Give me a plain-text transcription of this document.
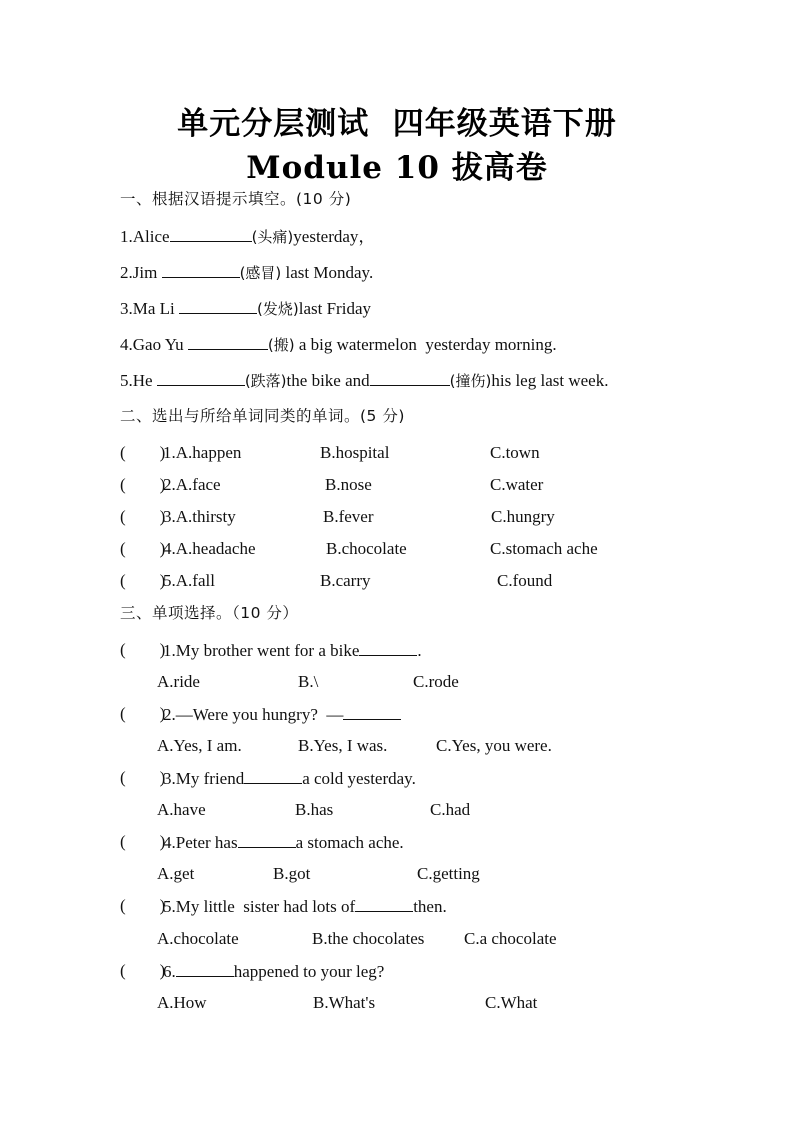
单元分层测试  四年级英语下册
Module 10 拔高卷
一、根据汉语提示填空。(10 分)
1.Alice	(头痛)yesterday，
2.Jim	(感冒) last Monday.
3.Ma Li	(发烧)last Friday
4.Gao Yu	(搬) a big watermelon  yesterday morning.
5.He	(跌落)the bike and	(撞伤)his leg last week.
二、选出与所给单词同类的单词。(5 分)
(        )
1.A.happen	B.hospital	C.town
(        )
2.A.face	B.nose	C.water
(        )
3.A.thirsty	B.fever	C.hungry
(        )
4.A.headache	B.chocolate	C.stomach ache
(        )
5.A.fall	B.carry	C.found
三、单项选择。（10 分）
(        )
1.My brother went for a bike	.
A.ride	B.\	C.rode
(        )
2.—Were you hungry?  —
A.Yes, I am.	B.Yes, I was.	C.Yes, you were.
(        )
3.My friend	a cold yesterday.
A.have	B.has	C.had
(        )
4.Peter has	a stomach ache.
A.get	B.got	C.getting
(        )
5.My little  sister had lots of	then.
A.chocolate	B.the chocolates C.a chocolate
(        )
6.	happened to your leg?
A.How	B.What's	C.What
